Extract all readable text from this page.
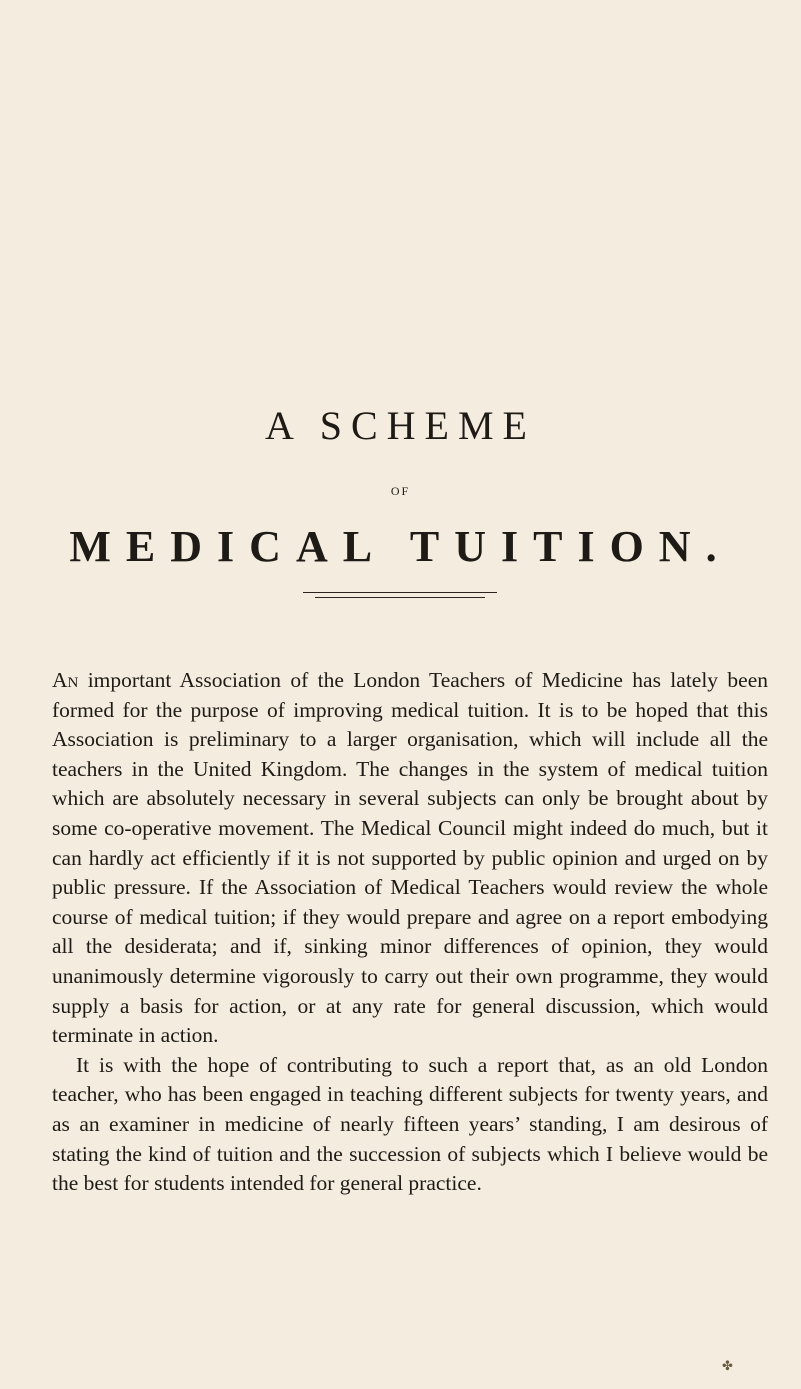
A SCHEME
OF
MEDICAL TUITION.

An important Association of the London Teachers of Medicine has lately been formed for the purpose of improving medical tuition. It is to be hoped that this Association is preliminary to a larger organisation, which will include all the teachers in the United Kingdom. The changes in the system of medical tuition which are absolutely necessary in several subjects can only be brought about by some co-operative movement. The Medical Council might indeed do much, but it can hardly act efficiently if it is not supported by public opinion and urged on by public pressure. If the Association of Medical Teachers would review the whole course of medical tuition; if they would prepare and agree on a report embodying all the desiderata; and if, sinking minor differences of opinion, they would unanimously determine vigorously to carry out their own programme, they would supply a basis for action, or at any rate for general discussion, which would terminate in action.

It is with the hope of contributing to such a report that, as an old London teacher, who has been engaged in teaching different subjects for twenty years, and as an examiner in medicine of nearly fifteen years’ standing, I am desirous of stating the kind of tuition and the succession of subjects which I believe would be the best for students intended for general practice.

✤
